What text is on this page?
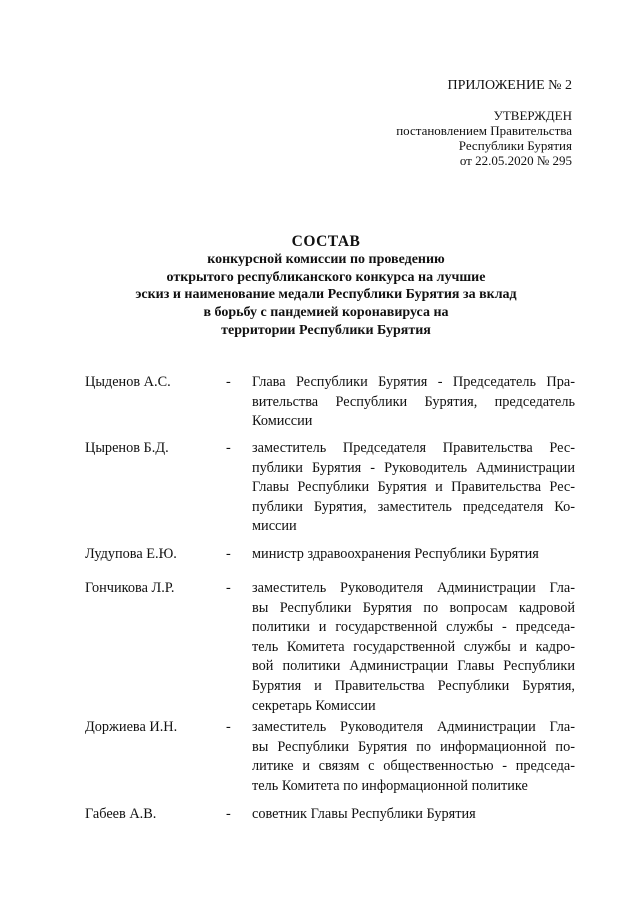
ПРИЛОЖЕНИЕ № 2
УТВЕРЖДЕН
постановлением Правительства
Республики Бурятия
от 22.05.2020 № 295
СОСТАВ
конкурсной комиссии по проведению
открытого республиканского конкурса на лучшие
эскиз и наименование медали Республики Бурятия за вклад
в борьбу с пандемией коронавируса на
территории Республики Бурятия
Цыденов А.С.	- Глава Республики Бурятия - Председатель Пра-
вительства Республики Бурятия, председатель
Комиссии
Цыренов Б.Д.	- заместитель Председателя Правительства Рес-
публики Бурятия - Руководитель Администрации
Главы Республики Бурятия и Правительства Рес-
публики Бурятия, заместитель председателя Ко-
миссии
Лудупова Е.Ю.	- министр здравоохранения Республики Бурятия
Гончикова Л.Р.	- заместитель Руководителя Администрации Гла-
вы Республики Бурятия по вопросам кадровой
политики и государственной службы - председа-
тель Комитета государственной службы и кадро-
вой политики Администрации Главы Республики
Бурятия и Правительства Республики Бурятия,
секретарь Комиссии
Доржиева И.Н.	- заместитель Руководителя Администрации Гла-
вы Республики Бурятия по информационной по-
литике и связям с общественностью - председа-
тель Комитета по информационной политике
Габеев А.В.	- советник Главы Республики Бурятия
